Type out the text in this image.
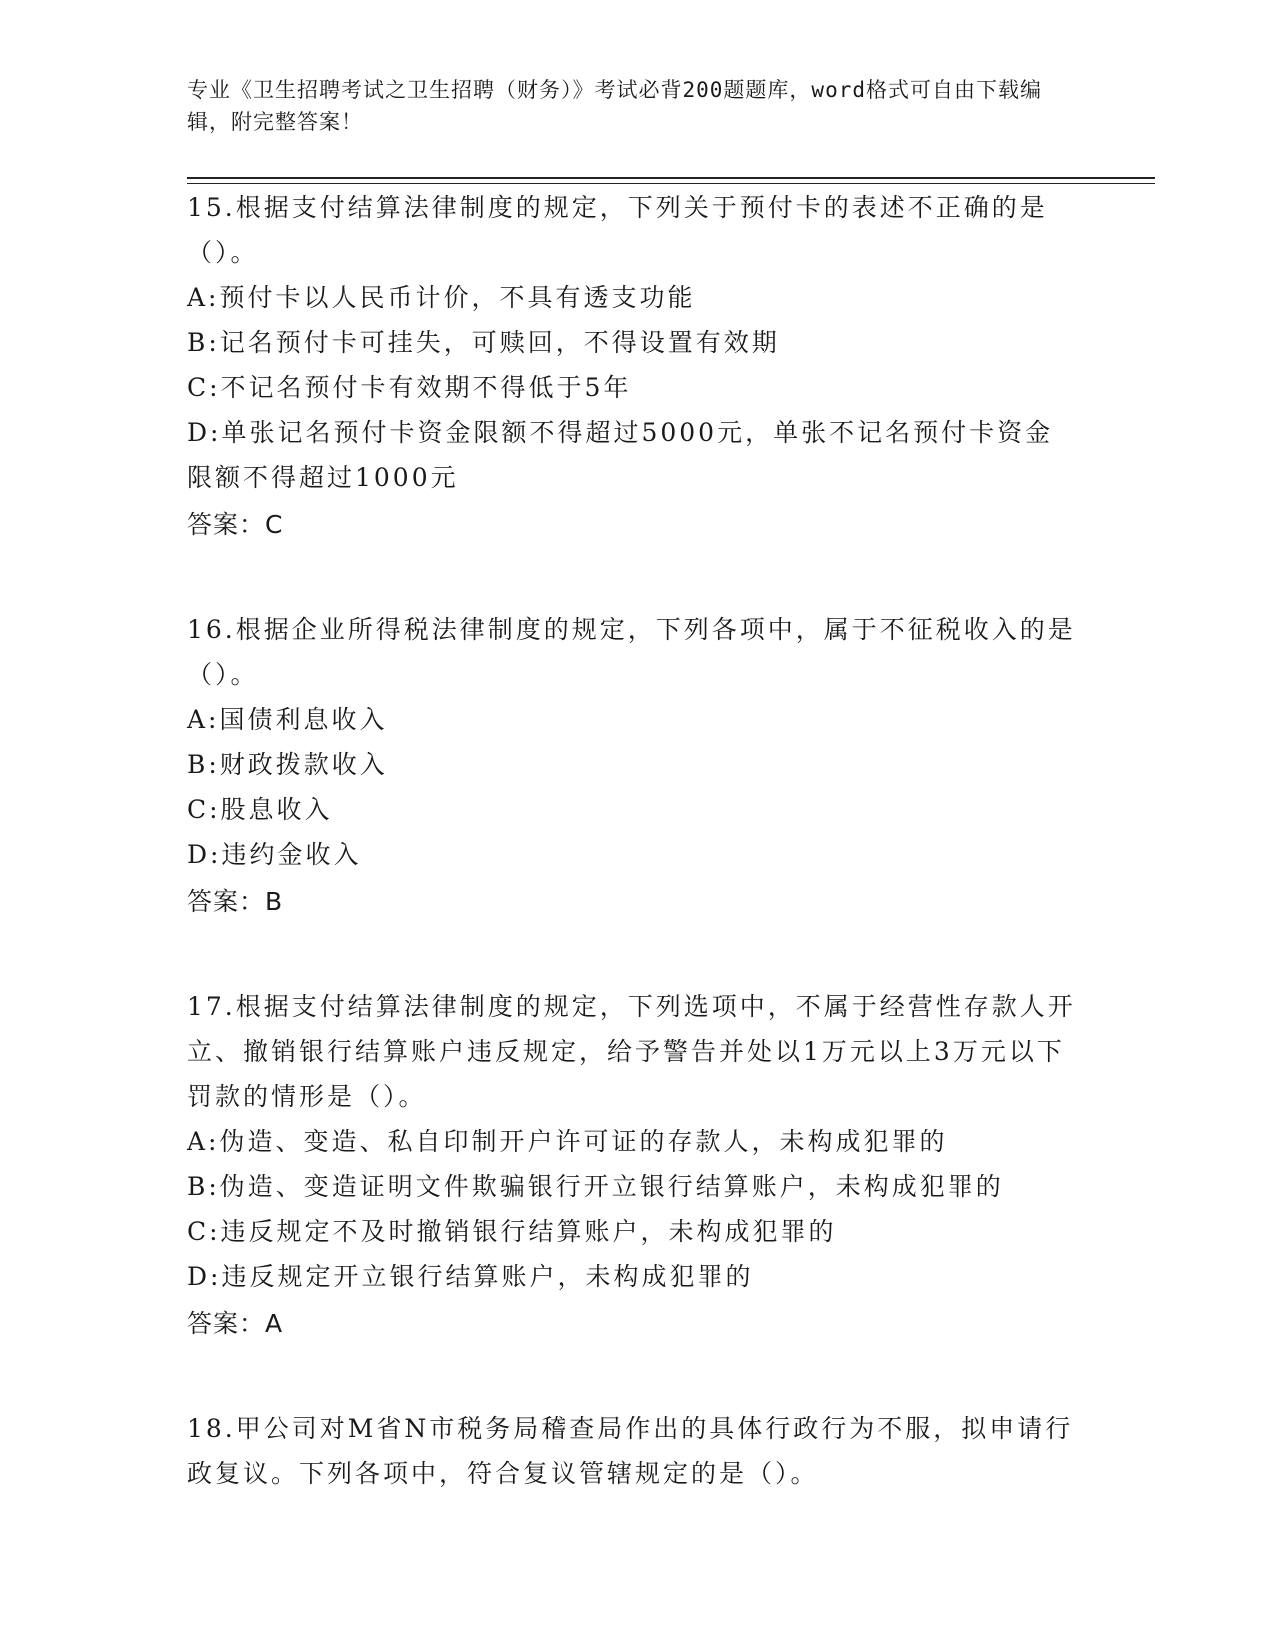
专业《卫生招聘考试之卫生招聘（财务）》考试必背200题题库，word格式可自由下载编辑，附完整答案！

15.根据支付结算法律制度的规定，下列关于预付卡的表述不正确的是（）。

A:预付卡以人民币计价，不具有透支功能

B:记名预付卡可挂失，可赎回，不得设置有效期

C:不记名预付卡有效期不得低于5年

D:单张记名预付卡资金限额不得超过5000元，单张不记名预付卡资金限额不得超过1000元

答案：C

16.根据企业所得税法律制度的规定，下列各项中，属于不征税收入的是（）。

A:国债利息收入

B:财政拨款收入

C:股息收入

D:违约金收入

答案：B

17.根据支付结算法律制度的规定，下列选项中，不属于经营性存款人开立、撤销银行结算账户违反规定，给予警告并处以1万元以上3万元以下罚款的情形是（）。

A:伪造、变造、私自印制开户许可证的存款人，未构成犯罪的

B:伪造、变造证明文件欺骗银行开立银行结算账户，未构成犯罪的

C:违反规定不及时撤销银行结算账户，未构成犯罪的

D:违反规定开立银行结算账户，未构成犯罪的

答案：A

18.甲公司对M省N市税务局稽查局作出的具体行政行为不服，拟申请行政复议。下列各项中，符合复议管辖规定的是（）。
